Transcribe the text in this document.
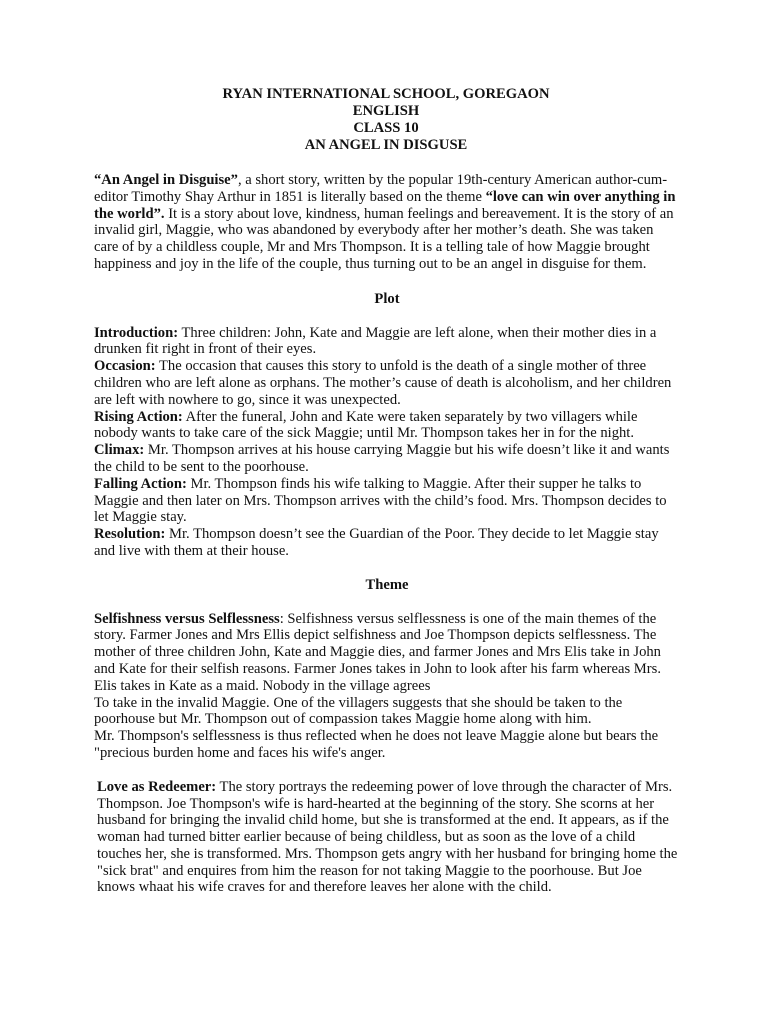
RYAN INTERNATIONAL SCHOOL, GOREGAON
ENGLISH
CLASS 10
AN ANGEL IN DISGUSE

“An Angel in Disguise”, a short story, written by the popular 19th-century American author-cum-editor Timothy Shay Arthur in 1851 is literally based on the theme “love can win over anything in the world”. It is a story about love, kindness, human feelings and bereavement. It is the story of an invalid girl, Maggie, who was abandoned by everybody after her mother’s death. She was taken care of by a childless couple, Mr and Mrs Thompson. It is a telling tale of how Maggie brought happiness and joy in the life of the couple, thus turning out to be an angel in disguise for them.

Plot

Introduction: Three children: John, Kate and Maggie are left alone, when their mother dies in a drunken fit right in front of their eyes.

Occasion: The occasion that causes this story to unfold is the death of a single mother of three children who are left alone as orphans. The mother’s cause of death is alcoholism, and her children are left with nowhere to go, since it was unexpected.

Rising Action: After the funeral, John and Kate were taken separately by two villagers while nobody wants to take care of the sick Maggie; until Mr. Thompson takes her in for the night.

Climax: Mr. Thompson arrives at his house carrying Maggie but his wife doesn’t like it and wants the child to be sent to the poorhouse.

Falling Action: Mr. Thompson finds his wife talking to Maggie. After their supper he talks to Maggie and then later on Mrs. Thompson arrives with the child’s food. Mrs. Thompson decides to let Maggie stay.

Resolution: Mr. Thompson doesn’t see the Guardian of the Poor. They decide to let Maggie stay and live with them at their house.

Theme

Selfishness versus Selflessness: Selfishness versus selflessness is one of the main themes of the story. Farmer Jones and Mrs Ellis depict selfishness and Joe Thompson depicts selflessness. The mother of three children John, Kate and Maggie dies, and farmer Jones and Mrs Elis take in John and Kate for their selfish reasons. Farmer Jones takes in John to look after his farm whereas Mrs. Elis takes in Kate as a maid. Nobody in the village agrees

To take in the invalid Maggie. One of the villagers suggests that she should be taken to the poorhouse but Mr. Thompson out of compassion takes Maggie home along with him.

Mr. Thompson's selflessness is thus reflected when he does not leave Maggie alone but bears the "precious burden home and faces his wife's anger.

Love as Redeemer: The story portrays the redeeming power of love through the character of Mrs. Thompson. Joe Thompson's wife is hard-hearted at the beginning of the story. She scorns at her husband for bringing the invalid child home, but she is transformed at the end. It appears, as if the woman had turned bitter earlier because of being childless, but as soon as the love of a child touches her, she is transformed. Mrs. Thompson gets angry with her husband for bringing home the "sick brat" and enquires from him the reason for not taking Maggie to the poorhouse. But Joe knows whaat his wife craves for and therefore leaves her alone with the child.
